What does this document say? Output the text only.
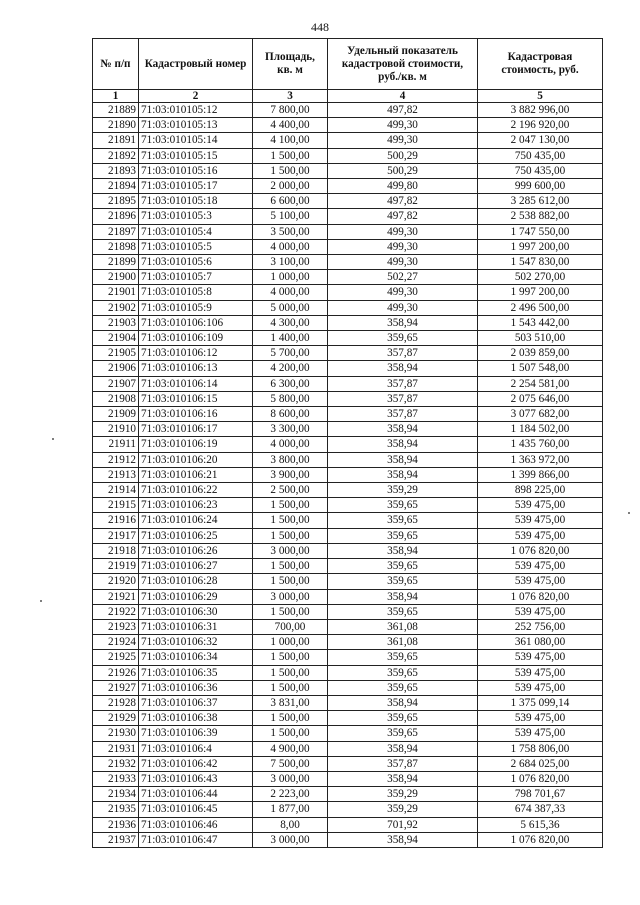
448
№ п/п	Кадастровый номер	Площадь, кв. м	Удельный показатель кадастровой стоимости, руб./кв. м	Кадастровая стоимость, руб.
1	2	3	4	5
21889	71:03:010105:12	7 800,00	497,82	3 882 996,00
21890	71:03:010105:13	4 400,00	499,30	2 196 920,00
21891	71:03:010105:14	4 100,00	499,30	2 047 130,00
21892	71:03:010105:15	1 500,00	500,29	750 435,00
21893	71:03:010105:16	1 500,00	500,29	750 435,00
21894	71:03:010105:17	2 000,00	499,80	999 600,00
21895	71:03:010105:18	6 600,00	497,82	3 285 612,00
21896	71:03:010105:3	5 100,00	497,82	2 538 882,00
21897	71:03:010105:4	3 500,00	499,30	1 747 550,00
21898	71:03:010105:5	4 000,00	499,30	1 997 200,00
21899	71:03:010105:6	3 100,00	499,30	1 547 830,00
21900	71:03:010105:7	1 000,00	502,27	502 270,00
21901	71:03:010105:8	4 000,00	499,30	1 997 200,00
21902	71:03:010105:9	5 000,00	499,30	2 496 500,00
21903	71:03:010106:106	4 300,00	358,94	1 543 442,00
21904	71:03:010106:109	1 400,00	359,65	503 510,00
21905	71:03:010106:12	5 700,00	357,87	2 039 859,00
21906	71:03:010106:13	4 200,00	358,94	1 507 548,00
21907	71:03:010106:14	6 300,00	357,87	2 254 581,00
21908	71:03:010106:15	5 800,00	357,87	2 075 646,00
21909	71:03:010106:16	8 600,00	357,87	3 077 682,00
21910	71:03:010106:17	3 300,00	358,94	1 184 502,00
21911	71:03:010106:19	4 000,00	358,94	1 435 760,00
21912	71:03:010106:20	3 800,00	358,94	1 363 972,00
21913	71:03:010106:21	3 900,00	358,94	1 399 866,00
21914	71:03:010106:22	2 500,00	359,29	898 225,00
21915	71:03:010106:23	1 500,00	359,65	539 475,00
21916	71:03:010106:24	1 500,00	359,65	539 475,00
21917	71:03:010106:25	1 500,00	359,65	539 475,00
21918	71:03:010106:26	3 000,00	358,94	1 076 820,00
21919	71:03:010106:27	1 500,00	359,65	539 475,00
21920	71:03:010106:28	1 500,00	359,65	539 475,00
21921	71:03:010106:29	3 000,00	358,94	1 076 820,00
21922	71:03:010106:30	1 500,00	359,65	539 475,00
21923	71:03:010106:31	700,00	361,08	252 756,00
21924	71:03:010106:32	1 000,00	361,08	361 080,00
21925	71:03:010106:34	1 500,00	359,65	539 475,00
21926	71:03:010106:35	1 500,00	359,65	539 475,00
21927	71:03:010106:36	1 500,00	359,65	539 475,00
21928	71:03:010106:37	3 831,00	358,94	1 375 099,14
21929	71:03:010106:38	1 500,00	359,65	539 475,00
21930	71:03:010106:39	1 500,00	359,65	539 475,00
21931	71:03:010106:4	4 900,00	358,94	1 758 806,00
21932	71:03:010106:42	7 500,00	357,87	2 684 025,00
21933	71:03:010106:43	3 000,00	358,94	1 076 820,00
21934	71:03:010106:44	2 223,00	359,29	798 701,67
21935	71:03:010106:45	1 877,00	359,29	674 387,33
21936	71:03:010106:46	8,00	701,92	5 615,36
21937	71:03:010106:47	3 000,00	358,94	1 076 820,00
